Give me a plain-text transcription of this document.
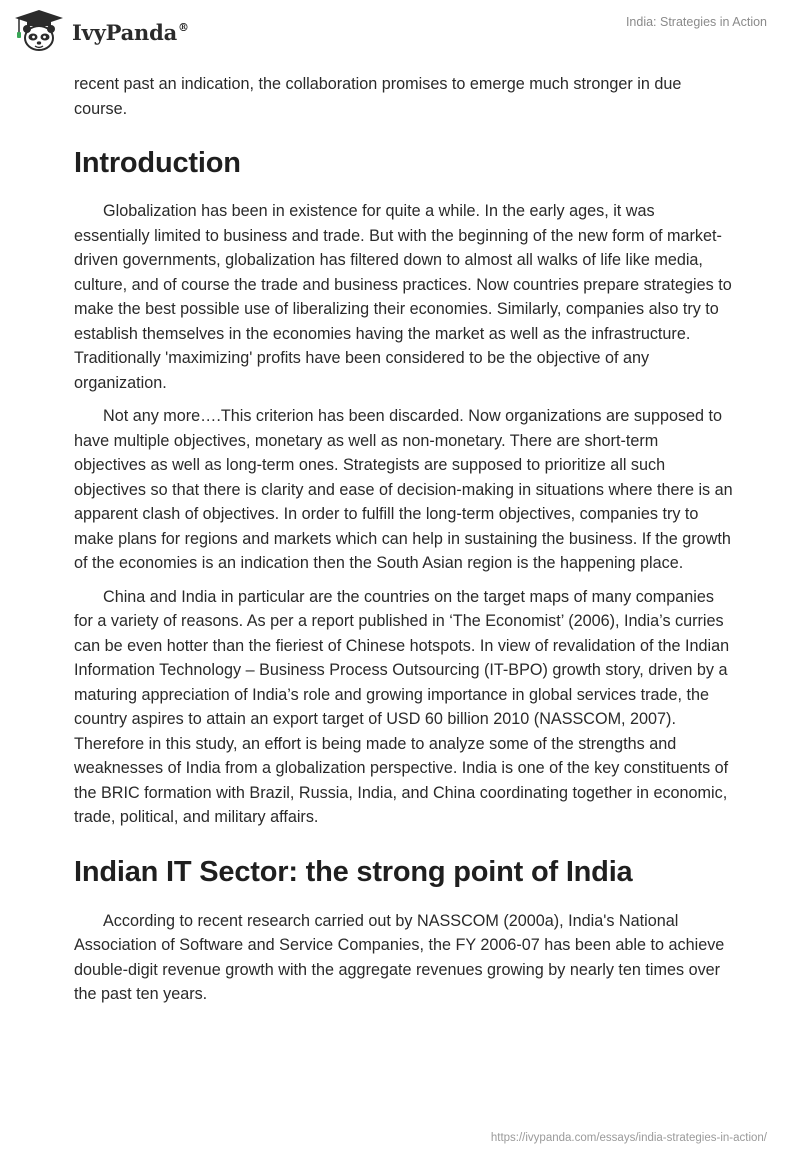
IvyPanda®	India: Strategies in Action

recent past an indication, the collaboration promises to emerge much stronger in due course.

Introduction

Globalization has been in existence for quite a while. In the early ages, it was essentially limited to business and trade. But with the beginning of the new form of market-driven governments, globalization has filtered down to almost all walks of life like media, culture, and of course the trade and business practices. Now countries prepare strategies to make the best possible use of liberalizing their economies. Similarly, companies also try to establish themselves in the economies having the market as well as the infrastructure. Traditionally 'maximizing' profits have been considered to be the objective of any organization.

Not any more….This criterion has been discarded. Now organizations are supposed to have multiple objectives, monetary as well as non-monetary. There are short-term objectives as well as long-term ones. Strategists are supposed to prioritize all such objectives so that there is clarity and ease of decision-making in situations where there is an apparent clash of objectives. In order to fulfill the long-term objectives, companies try to make plans for regions and markets which can help in sustaining the business. If the growth of the economies is an indication then the South Asian region is the happening place.

China and India in particular are the countries on the target maps of many companies for a variety of reasons. As per a report published in ‘The Economist’ (2006), India’s curries can be even hotter than the fieriest of Chinese hotspots. In view of revalidation of the Indian Information Technology – Business Process Outsourcing (IT-BPO) growth story, driven by a maturing appreciation of India’s role and growing importance in global services trade, the country aspires to attain an export target of USD 60 billion 2010 (NASSCOM, 2007). Therefore in this study, an effort is being made to analyze some of the strengths and weaknesses of India from a globalization perspective. India is one of the key constituents of the BRIC formation with Brazil, Russia, India, and China coordinating together in economic, trade, political, and military affairs.

Indian IT Sector: the strong point of India

According to recent research carried out by NASSCOM (2000a), India's National Association of Software and Service Companies, the FY 2006-07 has been able to achieve double-digit revenue growth with the aggregate revenues growing by nearly ten times over the past ten years.

https://ivypanda.com/essays/india-strategies-in-action/
